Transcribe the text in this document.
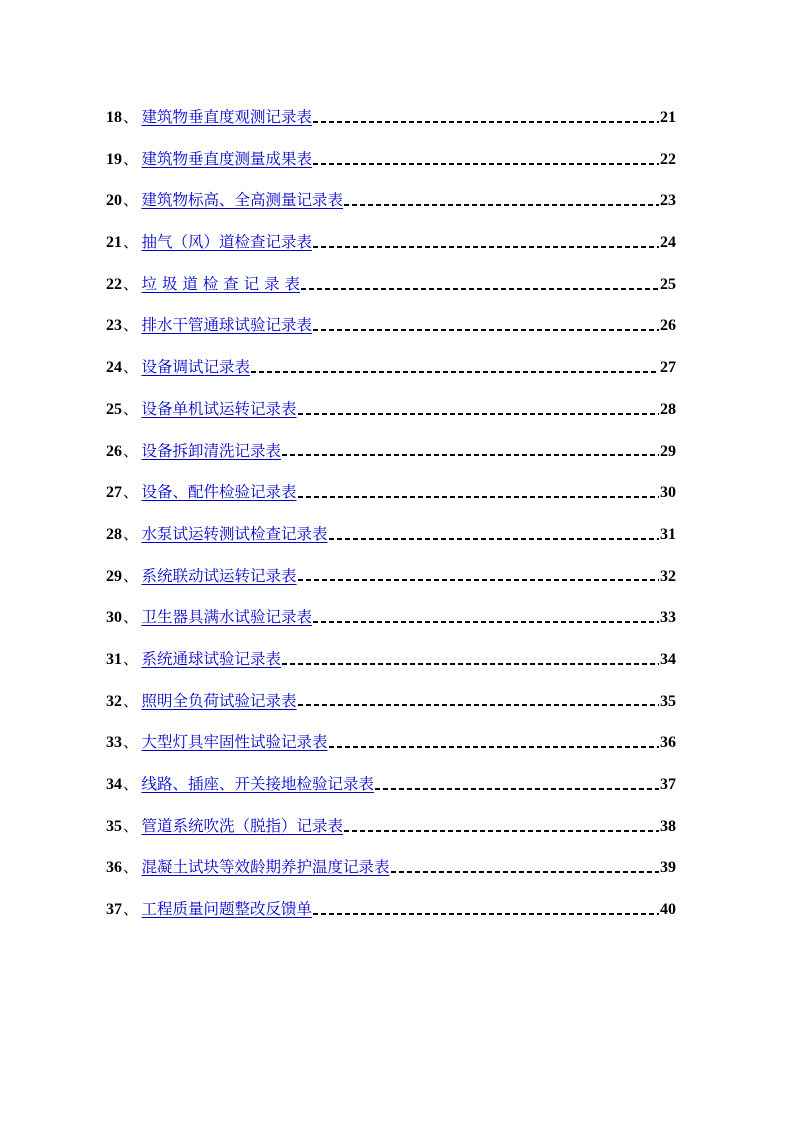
18 、 建筑物垂直度观测记录表	21
19 、 建筑物垂直度测量成果表	22
20 、 建筑物标高、全高测量记录表	23
21 、 抽气（风）道检查记录表	24
22 、 垃 圾 道 检 查 记 录 表	25
23 、 排水干管通球试验记录表	26
24 、 设备调试记录表	27
25 、 设备单机试运转记录表	28
26 、 设备拆卸清洗记录表	29
27 、 设备、配件检验记录表	30
28 、 水泵试运转测试检查记录表	31
29 、 系统联动试运转记录表	32
30 、 卫生器具满水试验记录表	33
31 、 系统通球试验记录表	34
32 、 照明全负荷试验记录表	35
33 、 大型灯具牢固性试验记录表	36
34 、 线路、插座、开关接地检验记录表	37
35 、 管道系统吹洗（脱指）记录表	38
36 、 混凝土试块等效龄期养护温度记录表	39
37 、 工程质量问题整改反馈单	40
